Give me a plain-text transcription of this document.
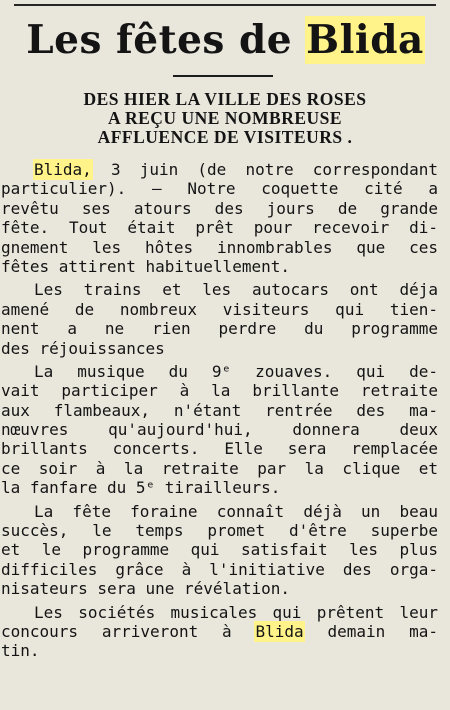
Les fêtes de Blida
DES HIER LA VILLE DES ROSES
A REÇU UNE NOMBREUSE
AFFLUENCE DE VISITEURS .
Blida, 3 juin (de notre correspondant
particulier). — Notre coquette cité a
revêtu ses atours des jours de grande
fête. Tout était prêt pour recevoir di-
gnement les hôtes innombrables que ces
fêtes attirent habituellement.
Les trains et les autocars ont déja
amené de nombreux visiteurs qui tien-
nent a ne rien perdre du programme
des réjouissances
La musique du 9ᵉ zouaves. qui de-
vait participer à la brillante retraite
aux flambeaux, n'étant rentrée des ma-
nœuvres qu'aujourd'hui, donnera deux
brillants concerts. Elle sera remplacée
ce soir à la retraite par la clique et
la fanfare du 5ᵉ tirailleurs.
La fête foraine connaît déjà un beau
succès, le temps promet d'être superbe
et le programme qui satisfait les plus
difficiles grâce à l'initiative des orga-
nisateurs sera une révélation.
Les sociétés musicales qui prêtent leur
concours arriveront à Blida demain ma-
tin.
